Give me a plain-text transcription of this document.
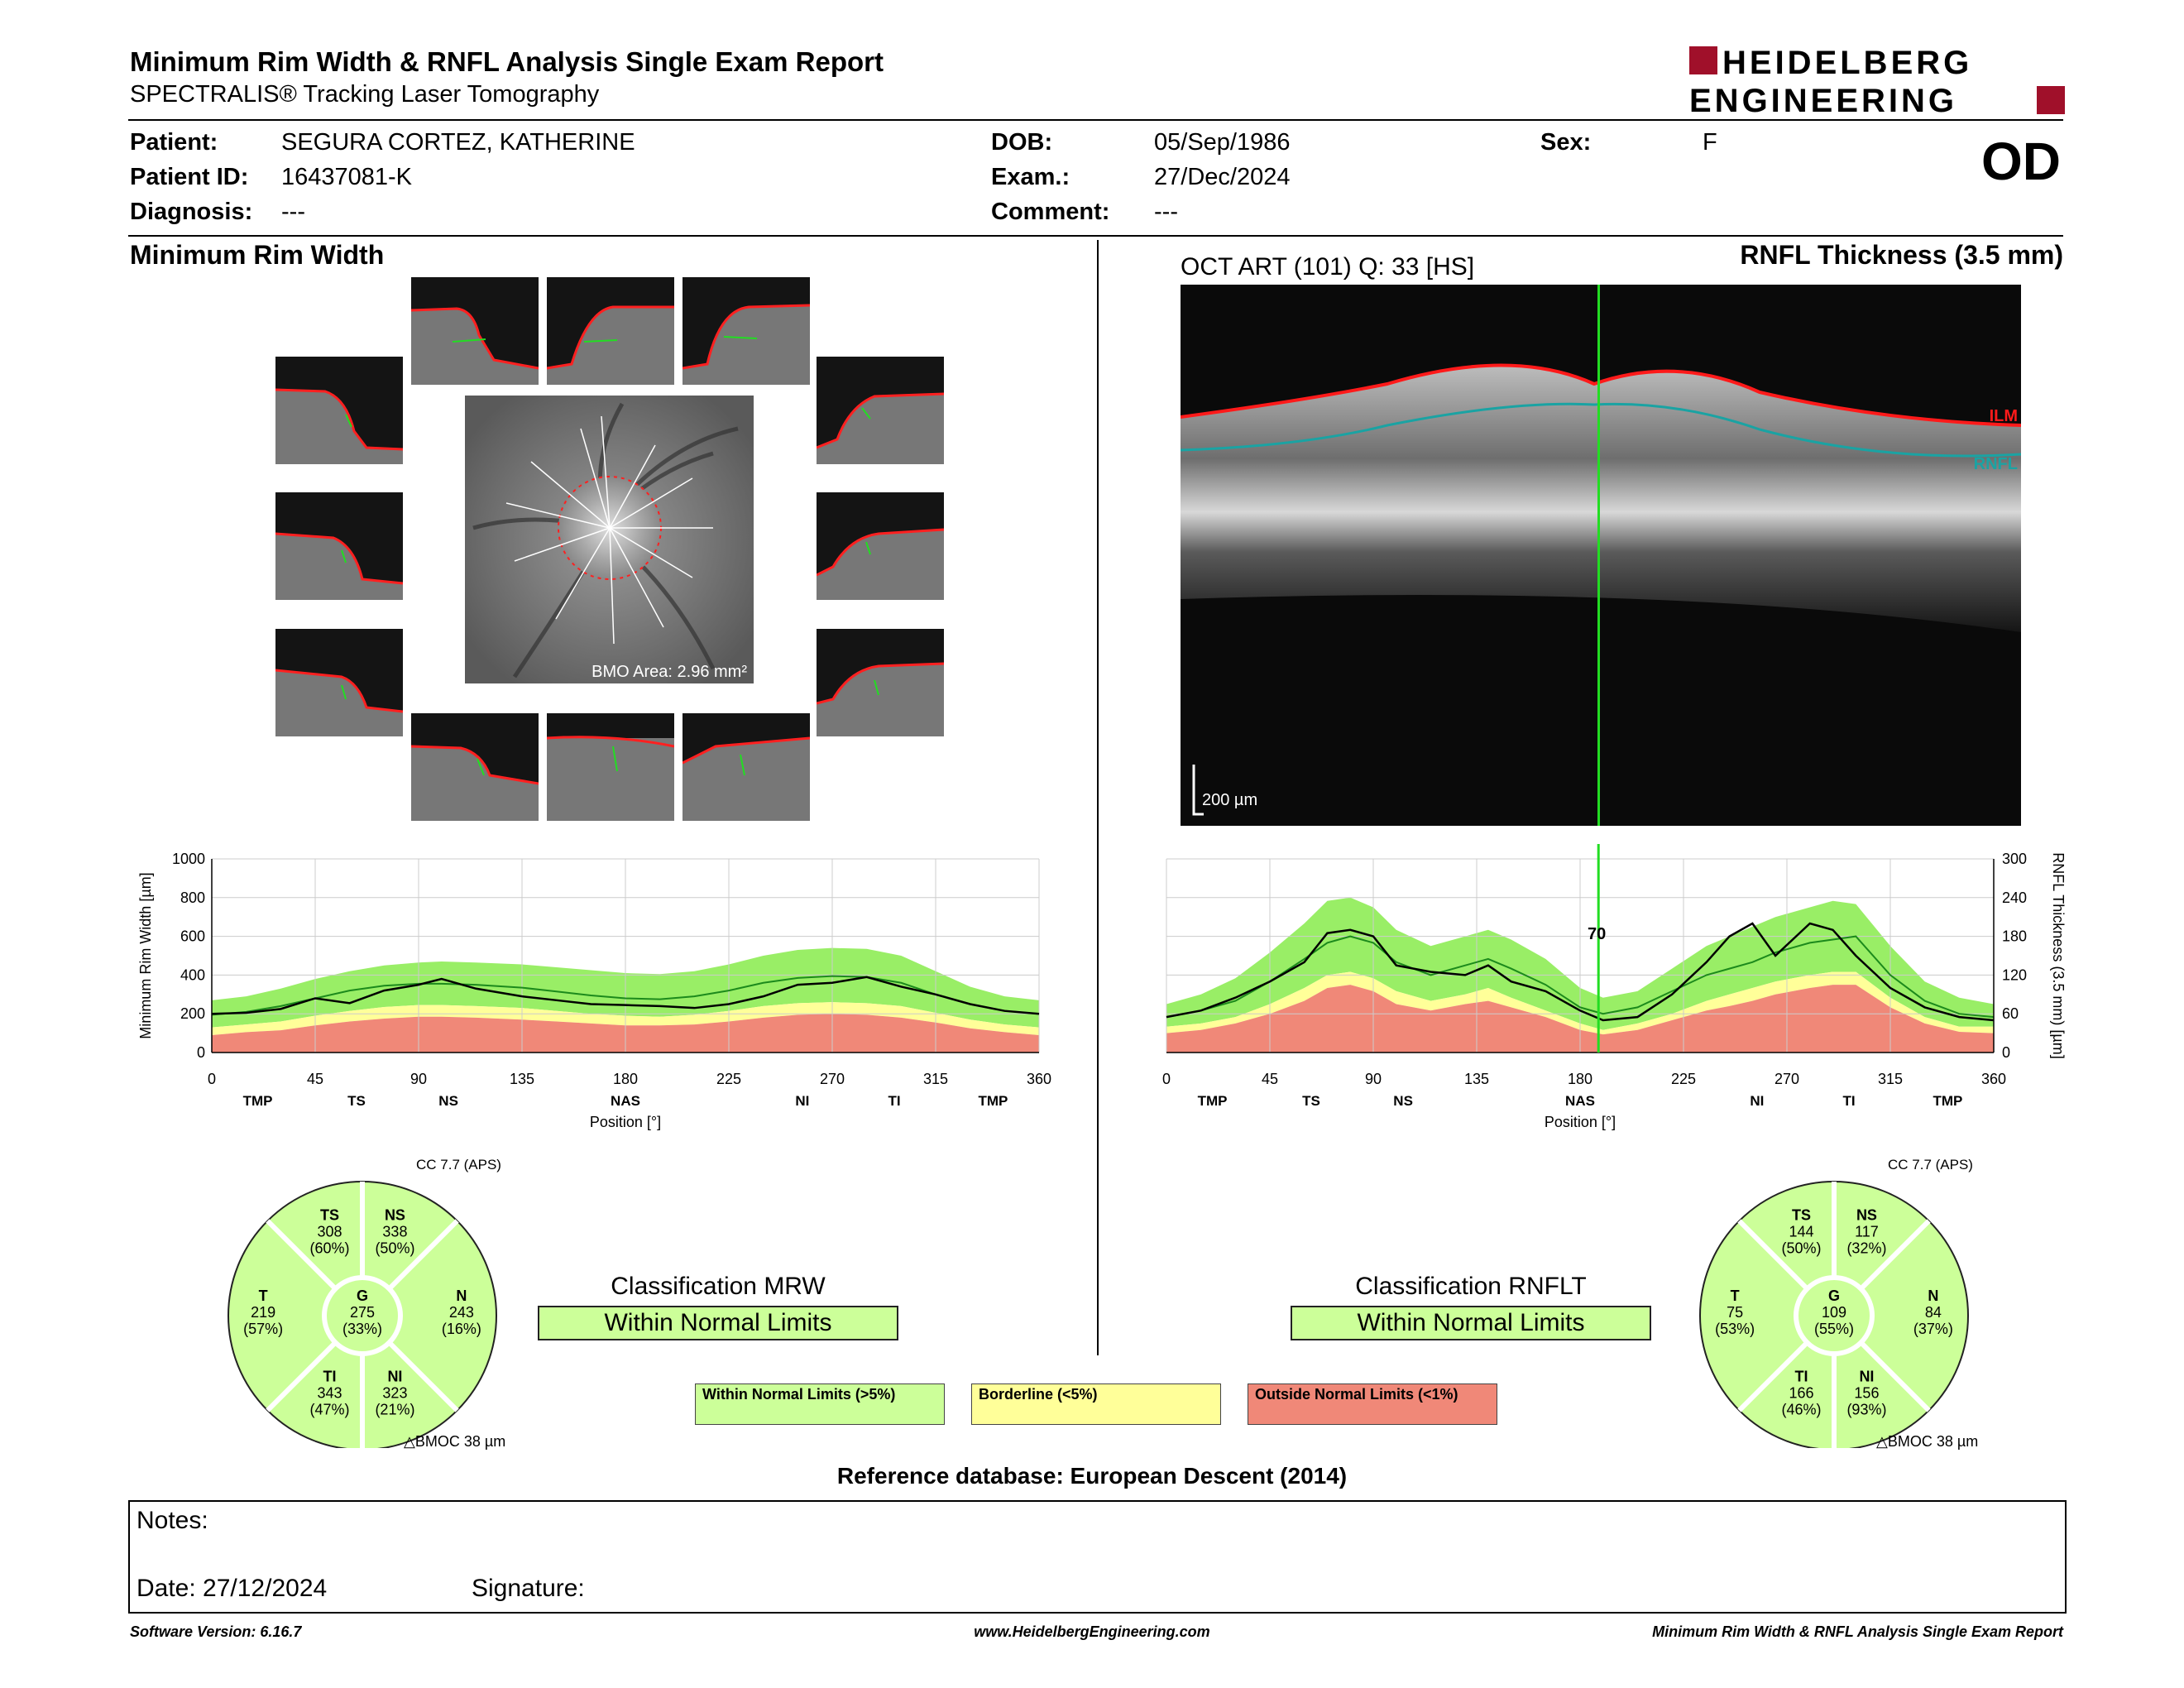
Minimum Rim Width & RNFL Analysis Single Exam Report
SPECTRALIS® Tracking Laser Tomography
HEIDELBERG
ENGINEERING
Patient:	SEGURA CORTEZ, KATHERINE
Patient ID: 16437081-K
Diagnosis: ---
DOB:	05/Sep/1986
Exam.:	27/Dec/2024
Comment: ---
Sex:	F	OD
Minimum Rim Width
BMO Area: 2.96 mm²
RNFL Thickness (3.5 mm)
OCT ART (101) Q: 33 [HS]
ILM
RNFL
200 µm
0	45	90	135	180	225	270	315	360
0
200
400
600
800
1000
TMP	TS	NS	NAS	NI	TI	TMP
Position [°]
Minimum Rim Width [µm]
0	45	90	135	180	225	270	315	360
0
60
120
180
240
300
TMP	TS	NS	NAS	NI	TI	TMP
Position [°]
RNFL Thickness (3.5 mm) [µm]
70
CC 7.7 (APS)
TS
308
(60%)
NS
338
(50%)
T
219
(57%)
G
275
(33%)
N
243
(16%)
TI
343
(47%)
NI
323
(21%)
△BMOC 38 µm
CC 7.7 (APS)
TS
144
(50%)
NS
117
(32%)
T
75
(53%)
G
109
(55%)
N
84
(37%)
TI
166
(46%)
NI
156
(93%)
△BMOC 38 µm
Classification MRW
Within Normal Limits
Classification RNFLT
Within Normal Limits
Within Normal Limits (>5%)	Borderline (<5%)	Outside Normal Limits (<1%)
Reference database: European Descent (2014)
Notes:
Date: 27/12/2024	Signature:
Software Version: 6.16.7	www.HeidelbergEngineering.com	Minimum Rim Width & RNFL Analysis Single Exam Report
